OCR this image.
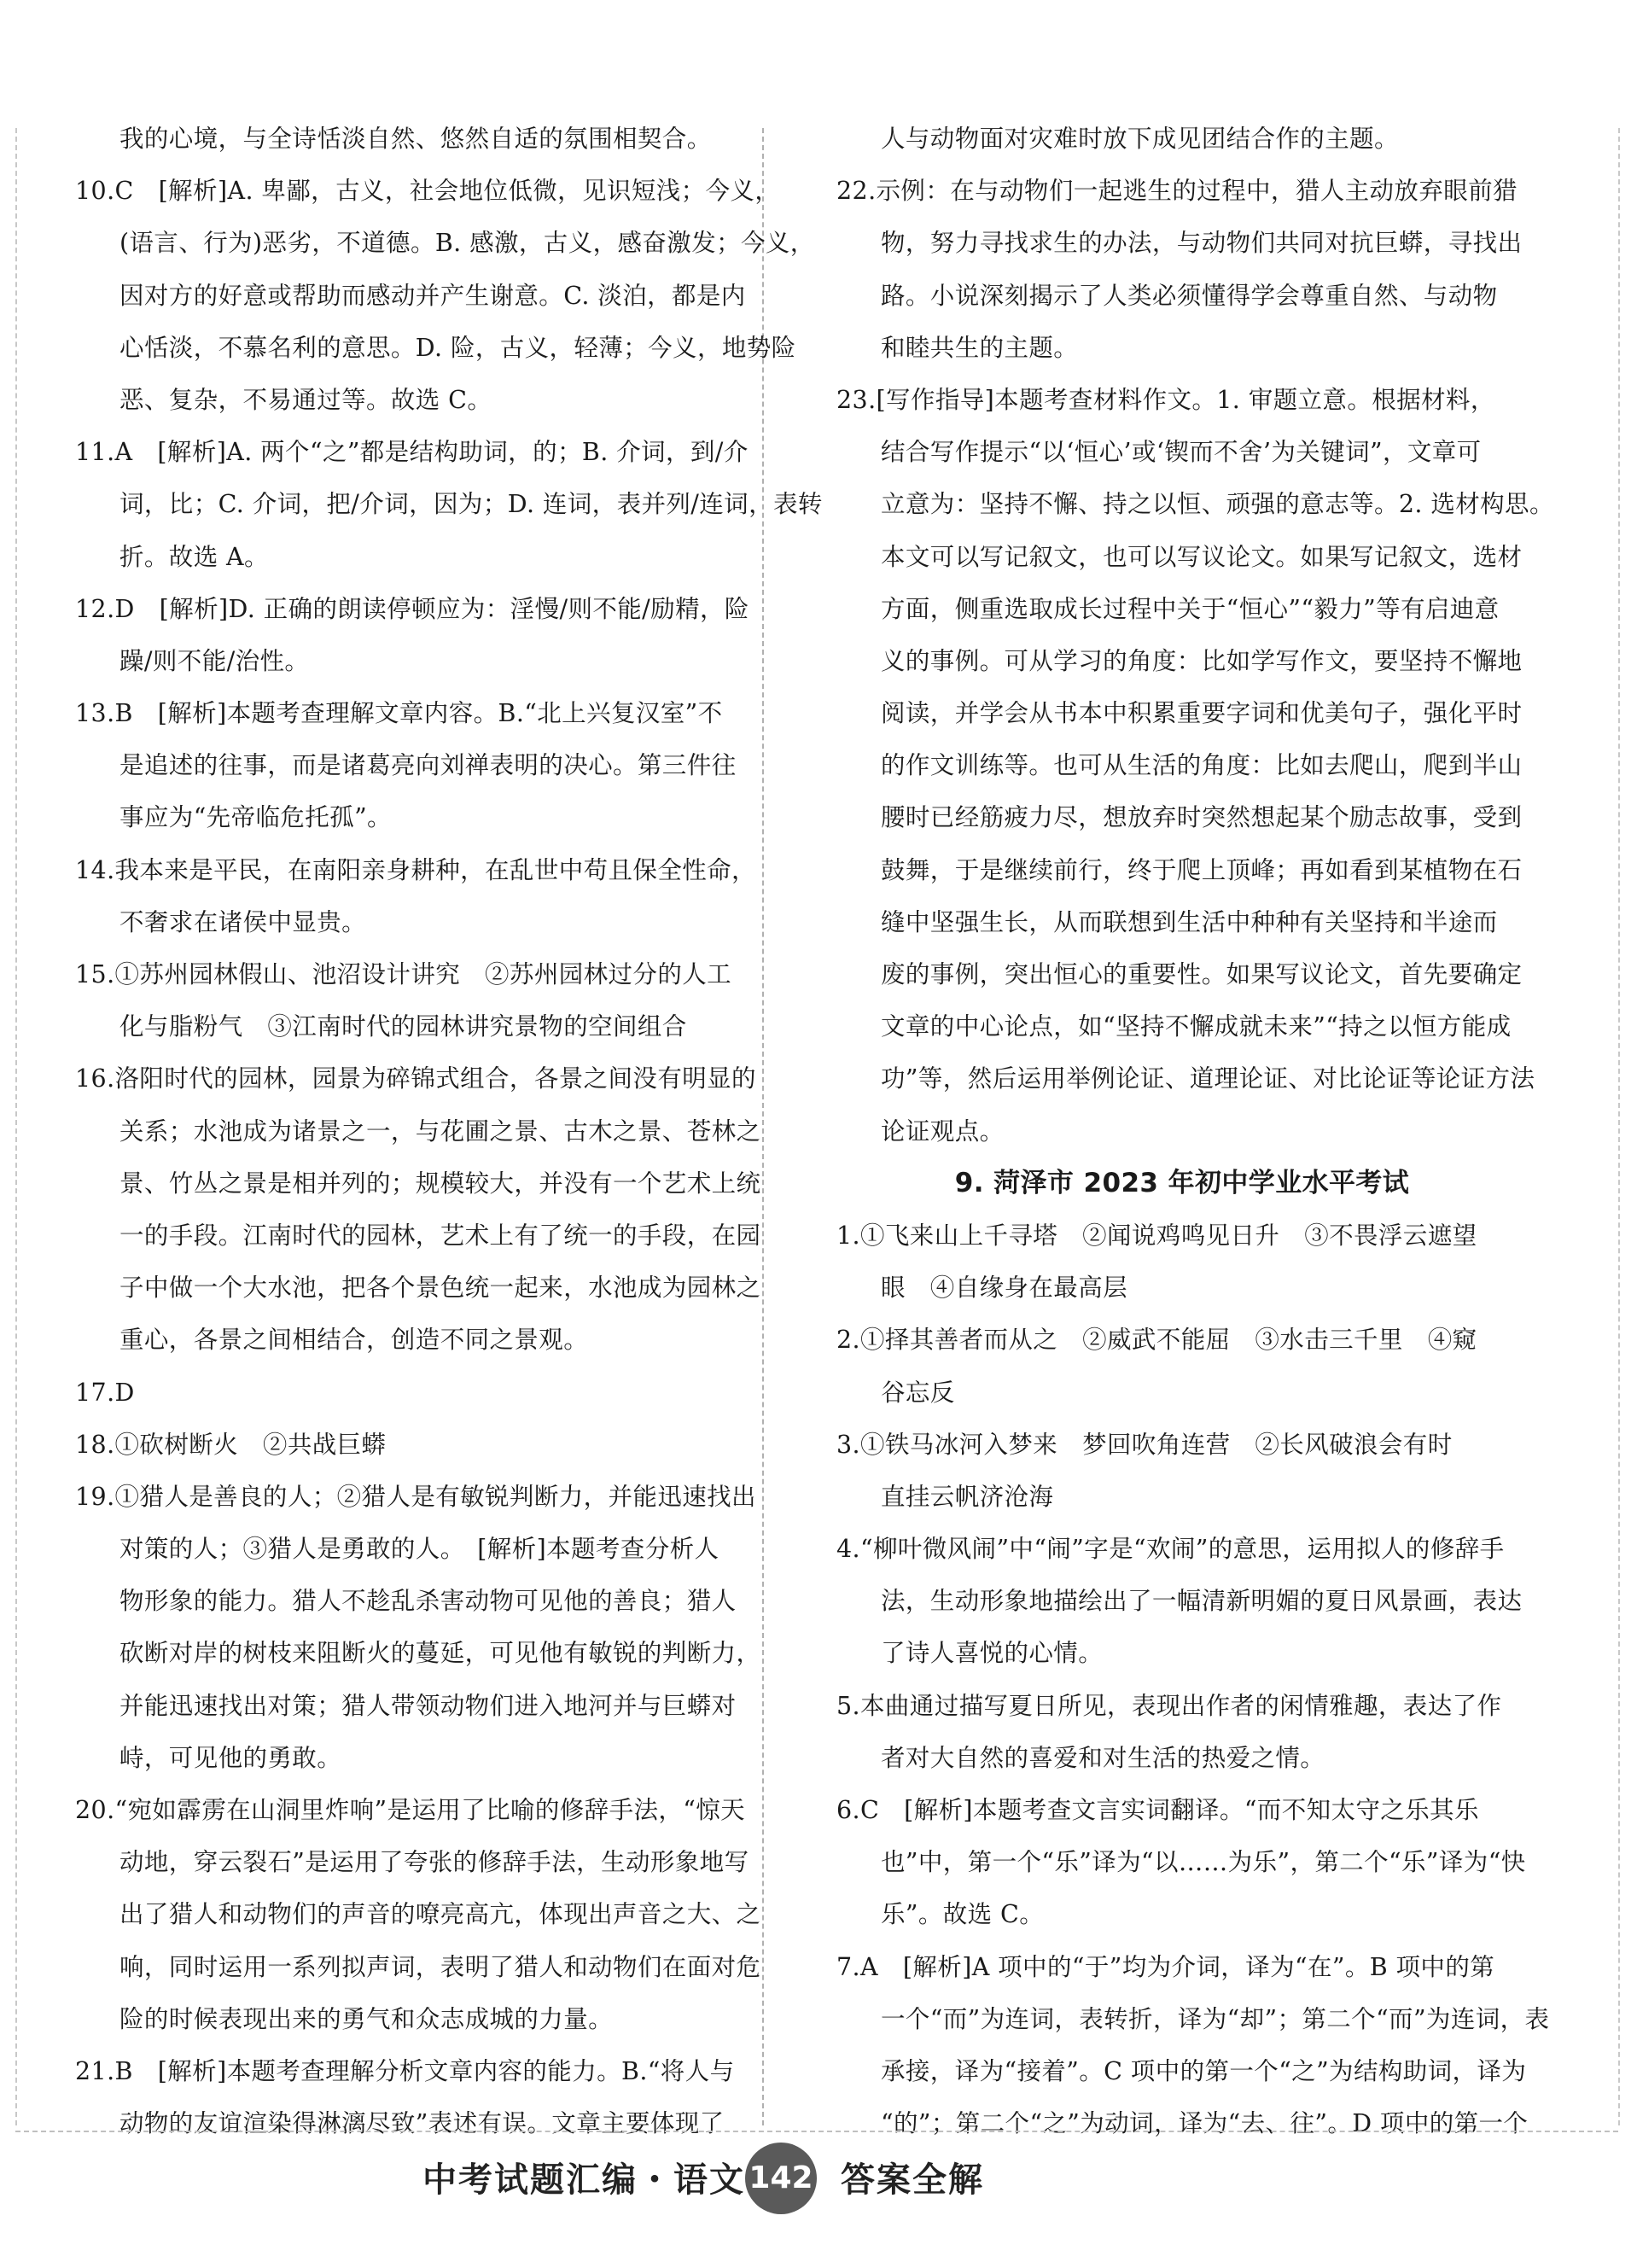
我的心境，与全诗恬淡自然、悠然自适的氛围相契合。
10.C　[解析]A. 卑鄙，古义，社会地位低微，见识短浅；今义，
(语言、行为)恶劣，不道德。B. 感激，古义，感奋激发；今义，
因对方的好意或帮助而感动并产生谢意。C. 淡泊，都是内
心恬淡，不慕名利的意思。D. 险，古义，轻薄；今义，地势险
恶、复杂，不易通过等。故选 C。
11.A　[解析]A. 两个“之”都是结构助词，的；B. 介词，到/介
词，比；C. 介词，把/介词，因为；D. 连词，表并列/连词，表转
折。故选 A。
12.D　[解析]D. 正确的朗读停顿应为：淫慢/则不能/励精，险
躁/则不能/治性。
13.B　[解析]本题考查理解文章内容。B.“北上兴复汉室”不
是追述的往事，而是诸葛亮向刘禅表明的决心。第三件往
事应为“先帝临危托孤”。
14.我本来是平民，在南阳亲身耕种，在乱世中苟且保全性命，
不奢求在诸侯中显贵。
15.①苏州园林假山、池沼设计讲究　②苏州园林过分的人工
化与脂粉气　③江南时代的园林讲究景物的空间组合
16.洛阳时代的园林，园景为碎锦式组合，各景之间没有明显的
关系；水池成为诸景之一，与花圃之景、古木之景、苍林之
景、竹丛之景是相并列的；规模较大，并没有一个艺术上统
一的手段。江南时代的园林，艺术上有了统一的手段，在园
子中做一个大水池，把各个景色统一起来，水池成为园林之
重心，各景之间相结合，创造不同之景观。
17.D
18.①砍树断火　②共战巨蟒
19.①猎人是善良的人；②猎人是有敏锐判断力，并能迅速找出
对策的人；③猎人是勇敢的人。　[解析]本题考查分析人
物形象的能力。猎人不趁乱杀害动物可见他的善良；猎人
砍断对岸的树枝来阻断火的蔓延，可见他有敏锐的判断力，
并能迅速找出对策；猎人带领动物们进入地河并与巨蟒对
峙，可见他的勇敢。
20.“宛如霹雳在山洞里炸响”是运用了比喻的修辞手法，“惊天
动地，穿云裂石”是运用了夸张的修辞手法，生动形象地写
出了猎人和动物们的声音的嘹亮高亢，体现出声音之大、之
响，同时运用一系列拟声词，表明了猎人和动物们在面对危
险的时候表现出来的勇气和众志成城的力量。
21.B　[解析]本题考查理解分析文章内容的能力。B.“将人与
动物的友谊渲染得淋漓尽致”表述有误。文章主要体现了
人与动物面对灾难时放下成见团结合作的主题。
22.示例：在与动物们一起逃生的过程中，猎人主动放弃眼前猎
物，努力寻找求生的办法，与动物们共同对抗巨蟒，寻找出
路。小说深刻揭示了人类必须懂得学会尊重自然、与动物
和睦共生的主题。
23.[写作指导]本题考查材料作文。1. 审题立意。根据材料，
结合写作提示“以‘恒心’或‘锲而不舍’为关键词”，文章可
立意为：坚持不懈、持之以恒、顽强的意志等。2. 选材构思。
本文可以写记叙文，也可以写议论文。如果写记叙文，选材
方面，侧重选取成长过程中关于“恒心”“毅力”等有启迪意
义的事例。可从学习的角度：比如学写作文，要坚持不懈地
阅读，并学会从书本中积累重要字词和优美句子，强化平时
的作文训练等。也可从生活的角度：比如去爬山，爬到半山
腰时已经筋疲力尽，想放弃时突然想起某个励志故事，受到
鼓舞，于是继续前行，终于爬上顶峰；再如看到某植物在石
缝中坚强生长，从而联想到生活中种种有关坚持和半途而
废的事例，突出恒心的重要性。如果写议论文，首先要确定
文章的中心论点，如“坚持不懈成就未来”“持之以恒方能成
功”等，然后运用举例论证、道理论证、对比论证等论证方法
论证观点。
9. 菏泽市 2023 年初中学业水平考试
1.①飞来山上千寻塔　②闻说鸡鸣见日升　③不畏浮云遮望
眼　④自缘身在最高层
2.①择其善者而从之　②威武不能屈　③水击三千里　④窥
谷忘反
3.①铁马冰河入梦来　梦回吹角连营　②长风破浪会有时
直挂云帆济沧海
4.“柳叶微风闹”中“闹”字是“欢闹”的意思，运用拟人的修辞手
法，生动形象地描绘出了一幅清新明媚的夏日风景画，表达
了诗人喜悦的心情。
5.本曲通过描写夏日所见，表现出作者的闲情雅趣，表达了作
者对大自然的喜爱和对生活的热爱之情。
6.C　[解析]本题考查文言实词翻译。“而不知太守之乐其乐
也”中，第一个“乐”译为“以……为乐”，第二个“乐”译为“快
乐”。故选 C。
7.A　[解析]A 项中的“于”均为介词，译为“在”。B 项中的第
一个“而”为连词，表转折，译为“却”；第二个“而”为连词，表
承接，译为“接着”。C 项中的第一个“之”为结构助词，译为
“的”；第二个“之”为动词，译为“去、往”。D 项中的第一个
中考试题汇编・语文 142 答案全解
